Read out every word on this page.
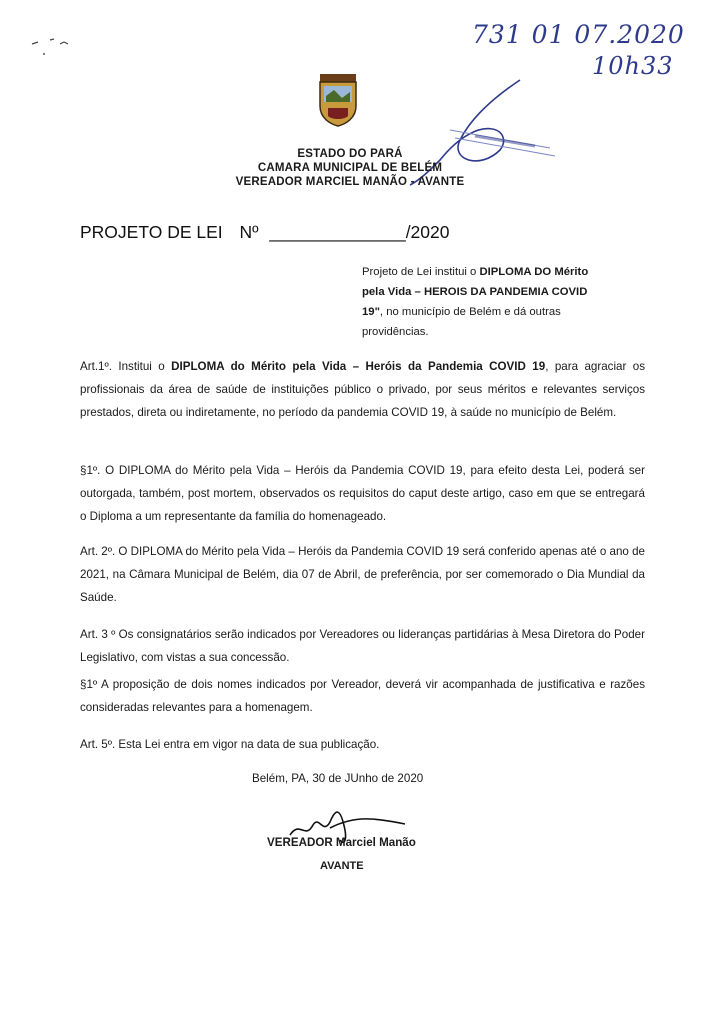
731 01 07.2020
10h33
ESTADO DO PARÁ
CAMARA MUNICIPAL DE BELÉM
VEREADOR MARCIEL MANÃO - AVANTE
PROJETO DE LEI Nº ______________/2020
Projeto de Lei institui o DIPLOMA DO Mérito pela Vida – HEROIS DA PANDEMIA COVID 19", no município de Belém e dá outras providências.
Art.1º. Institui o DIPLOMA do Mérito pela Vida – Heróis da Pandemia COVID 19, para agraciar os profissionais da área de saúde de instituições público o privado, por seus méritos e relevantes serviços prestados, direta ou indiretamente, no período da pandemia COVID 19, à saúde no município de Belém.
§1º. O DIPLOMA do Mérito pela Vida – Heróis da Pandemia COVID 19, para efeito desta Lei, poderá ser outorgada, também, post mortem, observados os requisitos do caput deste artigo, caso em que se entregará o Diploma a um representante da família do homenageado.
Art. 2º. O DIPLOMA do Mérito pela Vida – Heróis da Pandemia COVID 19 será conferido apenas até o ano de 2021, na Câmara Municipal de Belém, dia 07 de Abril, de preferência, por ser comemorado o Dia Mundial da Saúde.
Art. 3 º Os consignatários serão indicados por Vereadores ou lideranças partidárias à Mesa Diretora do Poder Legislativo, com vistas a sua concessão.
§1º A proposição de dois nomes indicados por Vereador, deverá vir acompanhada de justificativa e razões consideradas relevantes para a homenagem.
Art. 5º. Esta Lei entra em vigor na data de sua publicação.
Belém, PA, 30 de JUnho de 2020
VEREADOR Marciel Manão
AVANTE
